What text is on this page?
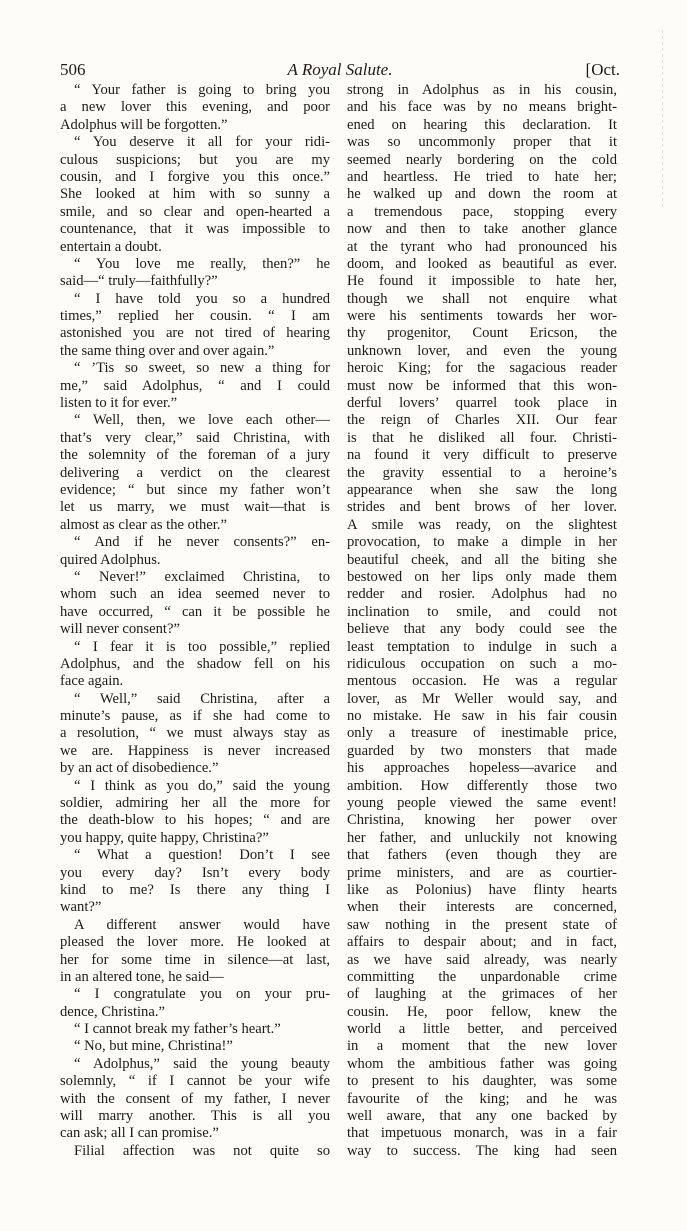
506	A Royal Salute.	[Oct.
“ Your father is going to bring you
a new lover this evening, and poor
Adolphus will be forgotten.”
“ You deserve it all for your ridi-
culous suspicions; but you are my
cousin, and I forgive you this once.”
She looked at him with so sunny a
smile, and so clear and open-hearted a
countenance, that it was impossible to
entertain a doubt.
“ You love me really, then?” he
said—“ truly—faithfully?”
“ I have told you so a hundred
times,” replied her cousin. “ I am
astonished you are not tired of hearing
the same thing over and over again.”
“ ’Tis so sweet, so new a thing for
me,” said Adolphus, “ and I could
listen to it for ever.”
“ Well, then, we love each other—
that’s very clear,” said Christina, with
the solemnity of the foreman of a jury
delivering a verdict on the clearest
evidence; “ but since my father won’t
let us marry, we must wait—that is
almost as clear as the other.”
“ And if he never consents?” en-
quired Adolphus.
“ Never!” exclaimed Christina, to
whom such an idea seemed never to
have occurred, “ can it be possible he
will never consent?”
“ I fear it is too possible,” replied
Adolphus, and the shadow fell on his
face again.
“ Well,” said Christina, after a
minute’s pause, as if she had come to
a resolution, “ we must always stay as
we are. Happiness is never increased
by an act of disobedience.”
“ I think as you do,” said the young
soldier, admiring her all the more for
the death-blow to his hopes; “ and are
you happy, quite happy, Christina?”
“ What a question! Don’t I see
you every day? Isn’t every body
kind to me? Is there any thing I
want?”
A different answer would have
pleased the lover more. He looked at
her for some time in silence—at last,
in an altered tone, he said—
“ I congratulate you on your pru-
dence, Christina.”
“ I cannot break my father’s heart.”
“ No, but mine, Christina!”
“ Adolphus,” said the young beauty
solemnly, “ if I cannot be your wife
with the consent of my father, I never
will marry another. This is all you
can ask; all I can promise.”
Filial affection was not quite so
strong in Adolphus as in his cousin,
and his face was by no means bright-
ened on hearing this declaration. It
was so uncommonly proper that it
seemed nearly bordering on the cold
and heartless. He tried to hate her;
he walked up and down the room at
a tremendous pace, stopping every
now and then to take another glance
at the tyrant who had pronounced his
doom, and looked as beautiful as ever.
He found it impossible to hate her,
though we shall not enquire what
were his sentiments towards her wor-
thy progenitor, Count Ericson, the
unknown lover, and even the young
heroic King; for the sagacious reader
must now be informed that this won-
derful lovers’ quarrel took place in
the reign of Charles XII. Our fear
is that he disliked all four. Christi-
na found it very difficult to preserve
the gravity essential to a heroine’s
appearance when she saw the long
strides and bent brows of her lover.
A smile was ready, on the slightest
provocation, to make a dimple in her
beautiful cheek, and all the biting she
bestowed on her lips only made them
redder and rosier. Adolphus had no
inclination to smile, and could not
believe that any body could see the
least temptation to indulge in such a
ridiculous occupation on such a mo-
mentous occasion. He was a regular
lover, as Mr Weller would say, and
no mistake. He saw in his fair cousin
only a treasure of inestimable price,
guarded by two monsters that made
his approaches hopeless—avarice and
ambition. How differently those two
young people viewed the same event!
Christina, knowing her power over
her father, and unluckily not knowing
that fathers (even though they are
prime ministers, and are as courtier-
like as Polonius) have flinty hearts
when their interests are concerned,
saw nothing in the present state of
affairs to despair about; and in fact,
as we have said already, was nearly
committing the unpardonable crime
of laughing at the grimaces of her
cousin. He, poor fellow, knew the
world a little better, and perceived
in a moment that the new lover
whom the ambitious father was going
to present to his daughter, was some
favourite of the king; and he was
well aware, that any one backed by
that impetuous monarch, was in a fair
way to success. The king had seen
